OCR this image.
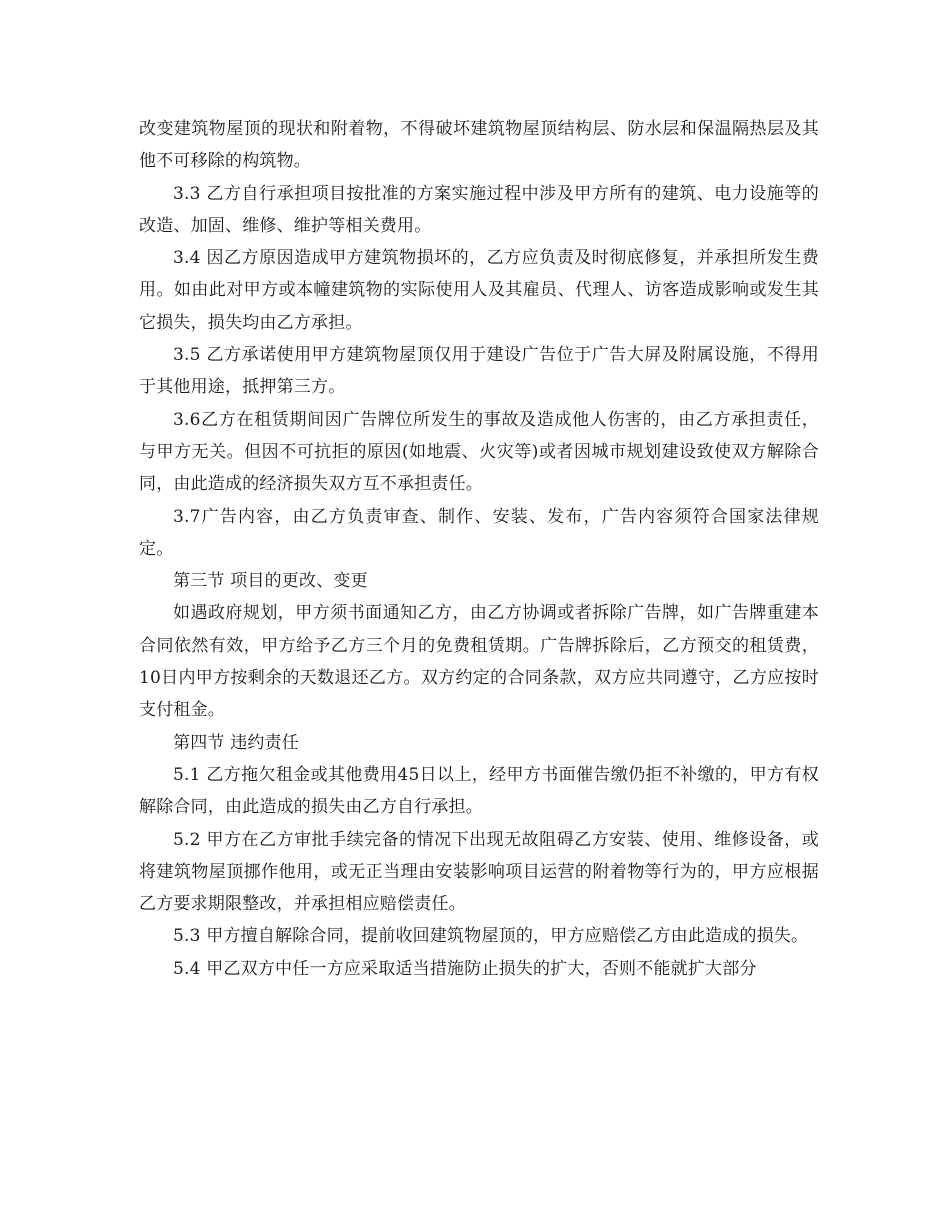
改变建筑物屋顶的现状和附着物，不得破坏建筑物屋顶结构层、防水层和保温隔热层及其他不可移除的构筑物。

3.3 乙方自行承担项目按批准的方案实施过程中涉及甲方所有的建筑、电力设施等的改造、加固、维修、维护等相关费用。

3.4 因乙方原因造成甲方建筑物损坏的，乙方应负责及时彻底修复，并承担所发生费用。如由此对甲方或本幢建筑物的实际使用人及其雇员、代理人、访客造成影响或发生其它损失，损失均由乙方承担。

3.5 乙方承诺使用甲方建筑物屋顶仅用于建设广告位于广告大屏及附属设施，不得用于其他用途，抵押第三方。

3.6乙方在租赁期间因广告牌位所发生的事故及造成他人伤害的，由乙方承担责任，与甲方无关。但因不可抗拒的原因(如地震、火灾等)或者因城市规划建设致使双方解除合同，由此造成的经济损失双方互不承担责任。

3.7广告内容，由乙方负责审查、制作、安装、发布，广告内容须符合国家法律规定。

第三节 项目的更改、变更

如遇政府规划，甲方须书面通知乙方，由乙方协调或者拆除广告牌，如广告牌重建本合同依然有效，甲方给予乙方三个月的免费租赁期。广告牌拆除后，乙方预交的租赁费，10日内甲方按剩余的天数退还乙方。双方约定的合同条款，双方应共同遵守，乙方应按时支付租金。

第四节 违约责任

5.1 乙方拖欠租金或其他费用45日以上，经甲方书面催告缴仍拒不补缴的，甲方有权解除合同，由此造成的损失由乙方自行承担。

5.2 甲方在乙方审批手续完备的情况下出现无故阻碍乙方安装、使用、维修设备，或将建筑物屋顶挪作他用，或无正当理由安装影响项目运营的附着物等行为的，甲方应根据乙方要求期限整改，并承担相应赔偿责任。

5.3 甲方擅自解除合同，提前收回建筑物屋顶的，甲方应赔偿乙方由此造成的损失。

5.4 甲乙双方中任一方应采取适当措施防止损失的扩大，否则不能就扩大部分
